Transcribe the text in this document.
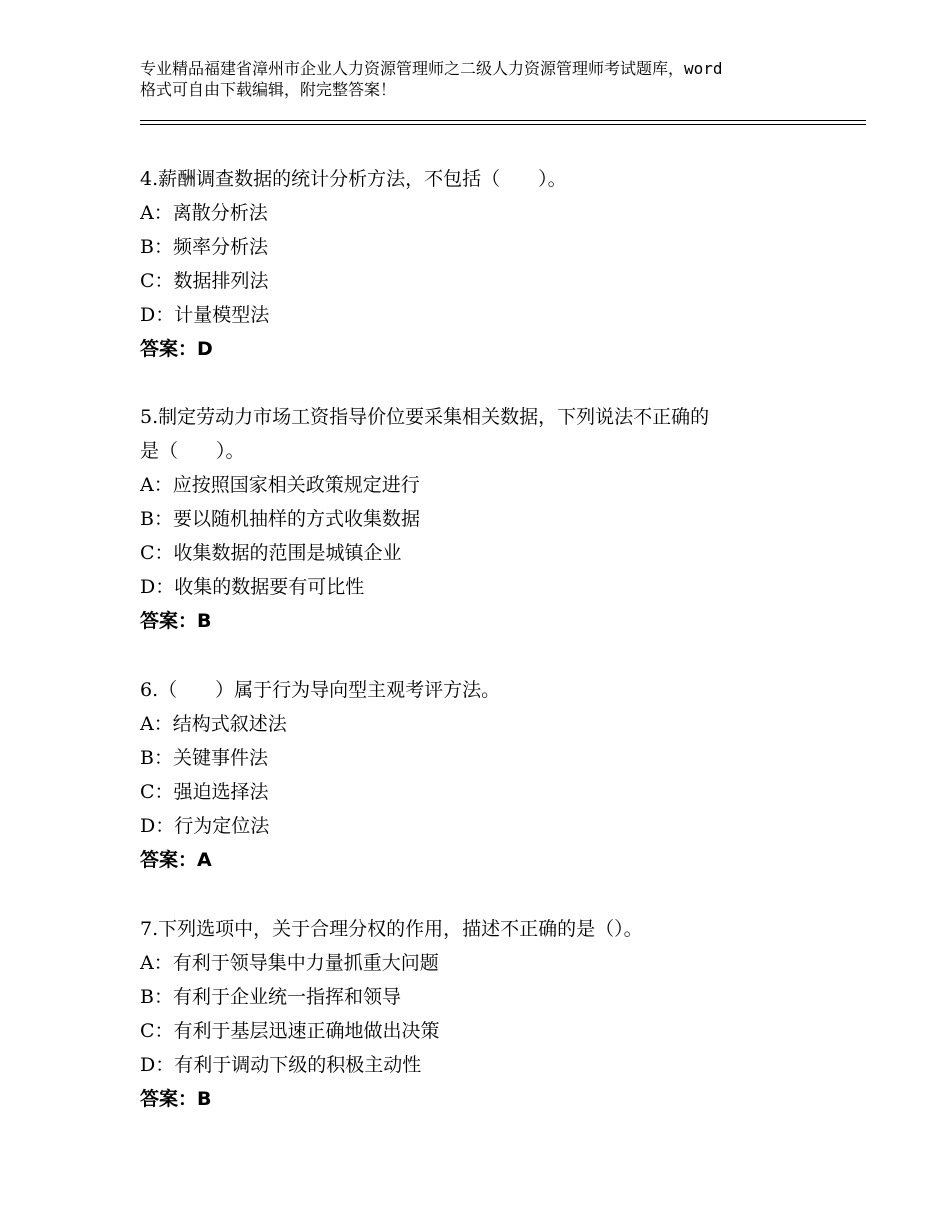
专业精品福建省漳州市企业人力资源管理师之二级人力资源管理师考试题库，word
格式可自由下载编辑，附完整答案！
4.薪酬调查数据的统计分析方法，不包括（　　）。
A：离散分析法
B：频率分析法
C：数据排列法
D：计量模型法
答案：D
5.制定劳动力市场工资指导价位要采集相关数据，下列说法不正确的
是（　　）。
A：应按照国家相关政策规定进行
B：要以随机抽样的方式收集数据
C：收集数据的范围是城镇企业
D：收集的数据要有可比性
答案：B
6.（　　）属于行为导向型主观考评方法。
A：结构式叙述法
B：关键事件法
C：强迫选择法
D：行为定位法
答案：A
7.下列选项中，关于合理分权的作用，描述不正确的是（）。
A：有利于领导集中力量抓重大问题
B：有利于企业统一指挥和领导
C：有利于基层迅速正确地做出决策
D：有利于调动下级的积极主动性
答案：B
